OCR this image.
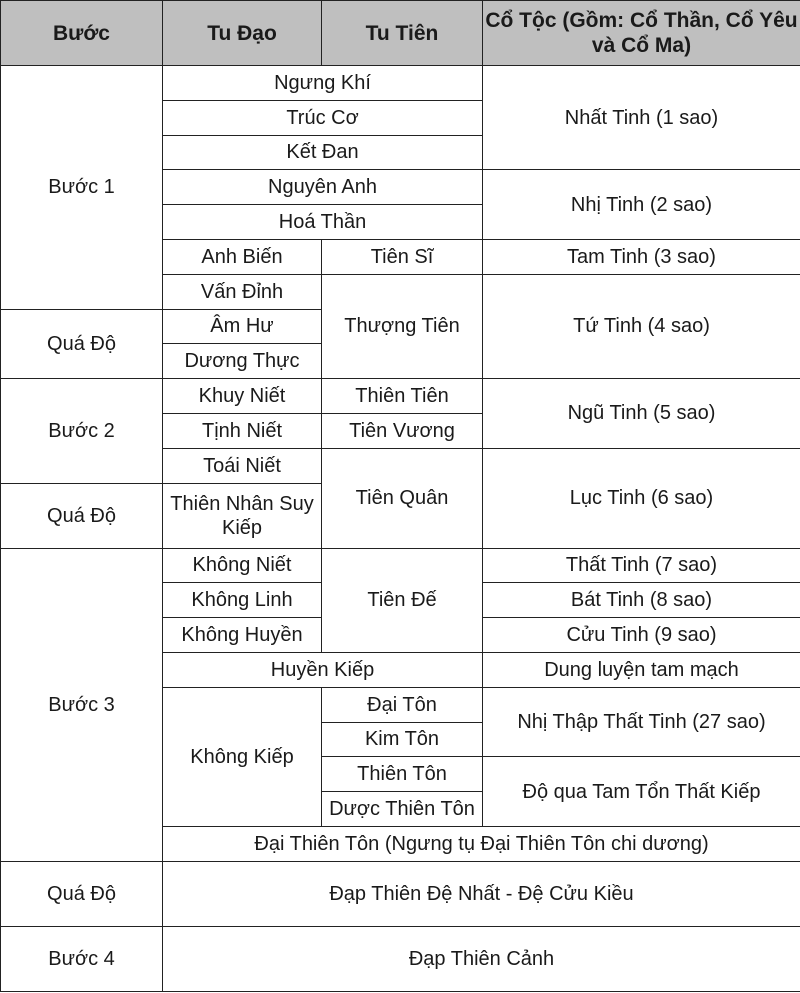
Bước	Tu Đạo	Tu Tiên	Cổ Tộc (Gồm: Cổ Thần, Cổ Yêu và Cổ Ma)
Bước 1	Ngưng Khí		Nhất Tinh (1 sao)
	Trúc Cơ		
	Kết Đan		
	Nguyên Anh		Nhị Tinh (2 sao)
	Hoá Thần		
	Anh Biến	Tiên Sĩ	Tam Tinh (3 sao)
	Vấn Đỉnh	Thượng Tiên	Tứ Tinh (4 sao)
Quá Độ	Âm Hư		
	Dương Thực		
Bước 2	Khuy Niết	Thiên Tiên	Ngũ Tinh (5 sao)
	Tịnh Niết	Tiên Vương	
	Toái Niết	Tiên Quân	Lục Tinh (6 sao)
Quá Độ	Thiên Nhân Suy Kiếp		
Bước 3	Không Niết	Tiên Đế	Thất Tinh (7 sao)
	Không Linh		Bát Tinh (8 sao)
	Không Huyền		Cửu Tinh (9 sao)
	Huyền Kiếp		Dung luyện tam mạch
	Không Kiếp	Đại Tôn	Nhị Thập Thất Tinh (27 sao)
		Kim Tôn	
		Thiên Tôn	Độ qua Tam Tổn Thất Kiếp
		Dược Thiên Tôn	
	Đại Thiên Tôn (Ngưng tụ Đại Thiên Tôn chi dương)		
Quá Độ	Đạp Thiên Đệ Nhất - Đệ Cửu Kiều		
Bước 4	Đạp Thiên Cảnh		
